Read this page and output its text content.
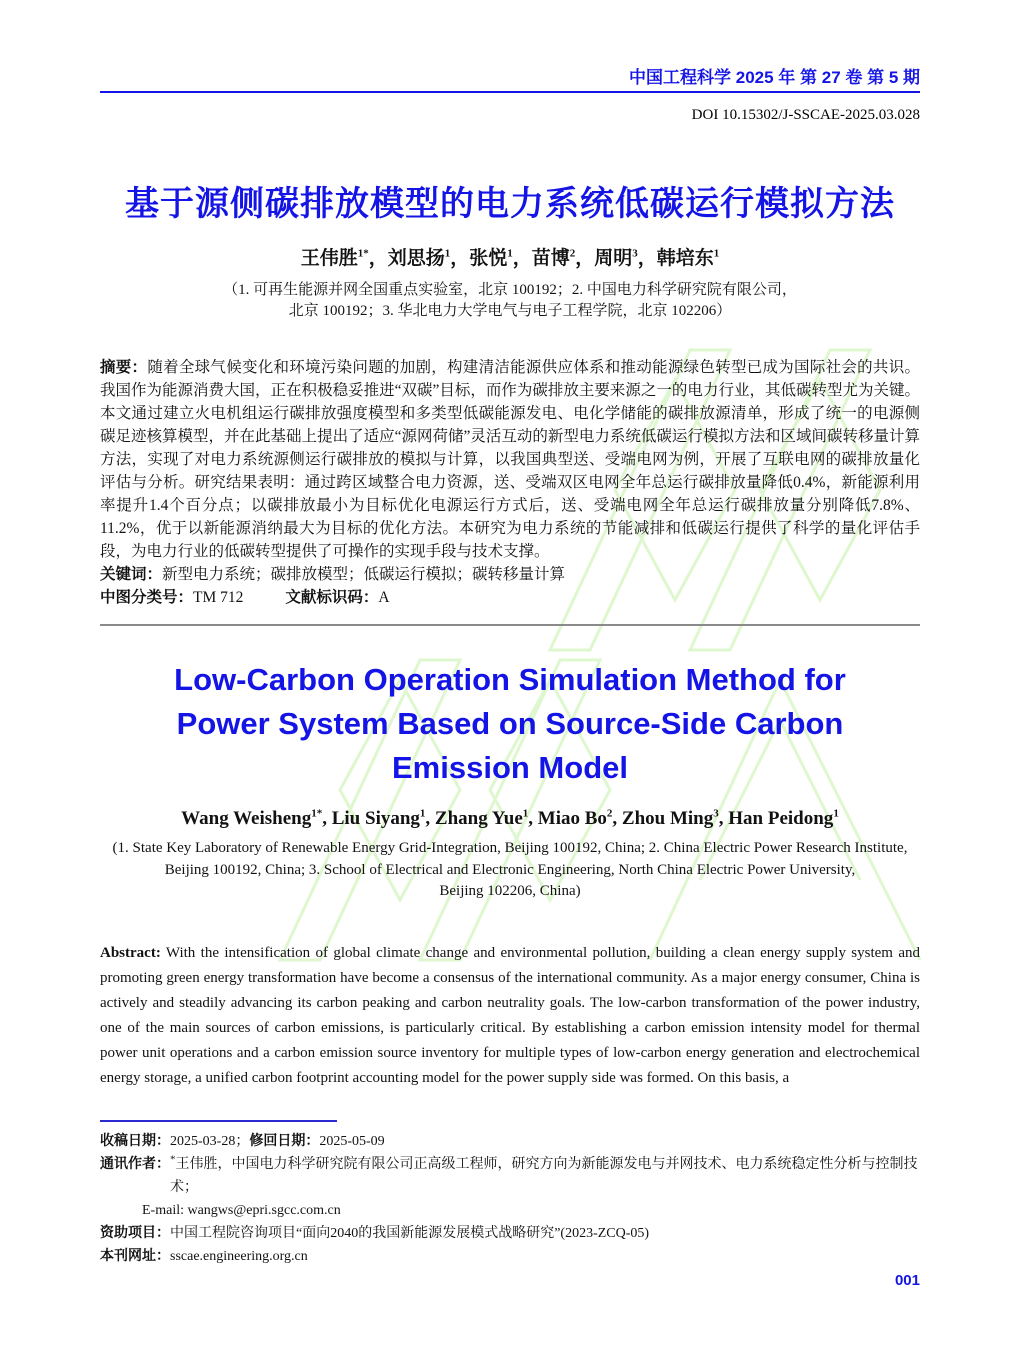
中国工程科学 2025 年 第 27 卷 第 5 期
DOI 10.15302/J-SSCAE-2025.03.028
基于源侧碳排放模型的电力系统低碳运行模拟方法
王伟胜$^{1*}$，刘思扬$^1$，张悦$^1$，苗博$^2$，周明$^3$，韩培东$^1$
（1. 可再生能源并网全国重点实验室，北京 100192；2. 中国电力科学研究院有限公司，
北京 100192；3. 华北电力大学电气与电子工程学院，北京 102206）

摘要：随着全球气候变化和环境污染问题的加剧，构建清洁能源供应体系和推动能源绿色转型已成为国际社会的共识。我国作为能源消费大国，正在积极稳妥推进“双碳”目标，而作为碳排放主要来源之一的电力行业，其低碳转型尤为关键。本文通过建立火电机组运行碳排放强度模型和多类型低碳能源发电、电化学储能的碳排放源清单，形成了统一的电源侧碳足迹核算模型，并在此基础上提出了适应“源网荷储”灵活互动的新型电力系统低碳运行模拟方法和区域间碳转移量计算方法，实现了对电力系统源侧运行碳排放的模拟与计算，以我国典型送、受端电网为例，开展了互联电网的碳排放量化评估与分析。研究结果表明：通过跨区域整合电力资源，送、受端双区电网全年总运行碳排放量降低0.4%，新能源利用率提升1.4个百分点；以碳排放最小为目标优化电源运行方式后，送、受端电网全年总运行碳排放量分别降低7.8%、11.2%，优于以新能源消纳最大为目标的优化方法。本研究为电力系统的节能减排和低碳运行提供了科学的量化评估手段，为电力行业的低碳转型提供了可操作的实现手段与技术支撑。

关键词：新型电力系统；碳排放模型；低碳运行模拟；碳转移量计算

中图分类号：TM 712	文献标识码：A

Low-Carbon Operation Simulation Method for
Power System Based on Source-Side Carbon
Emission Model
Wang Weisheng$^{1*}$, Liu Siyang$^1$, Zhang Yue$^1$, Miao Bo$^2$, Zhou Ming$^3$, Han Peidong$^1$
(1. State Key Laboratory of Renewable Energy Grid-Integration, Beijing 100192, China; 2. China Electric Power Research Institute,
Beijing 100192, China; 3. School of Electrical and Electronic Engineering, North China Electric Power University,
Beijing 102206, China)

Abstract: With the intensification of global climate change and environmental pollution, building a clean energy supply system and promoting green energy transformation have become a consensus of the international community. As a major energy consumer, China is actively and steadily advancing its carbon peaking and carbon neutrality goals. The low-carbon transformation of the power industry, one of the main sources of carbon emissions, is particularly critical. By establishing a carbon emission intensity model for thermal power unit operations and a carbon emission source inventory for multiple types of low-carbon energy generation and electrochemical energy storage, a unified carbon footprint accounting model for the power supply side was formed. On this basis, a

收稿日期：2025-03-28；修回日期：2025-05-09
通讯作者：*王伟胜，中国电力科学研究院有限公司正高级工程师，研究方向为新能源发电与并网技术、电力系统稳定性分析与控制技术；
E-mail: wangws@epri.sgcc.com.cn
资助项目：中国工程院咨询项目“面向2040的我国新能源发展模式战略研究”(2023-ZCQ-05)
本刊网址：sscae.engineering.org.cn
001
